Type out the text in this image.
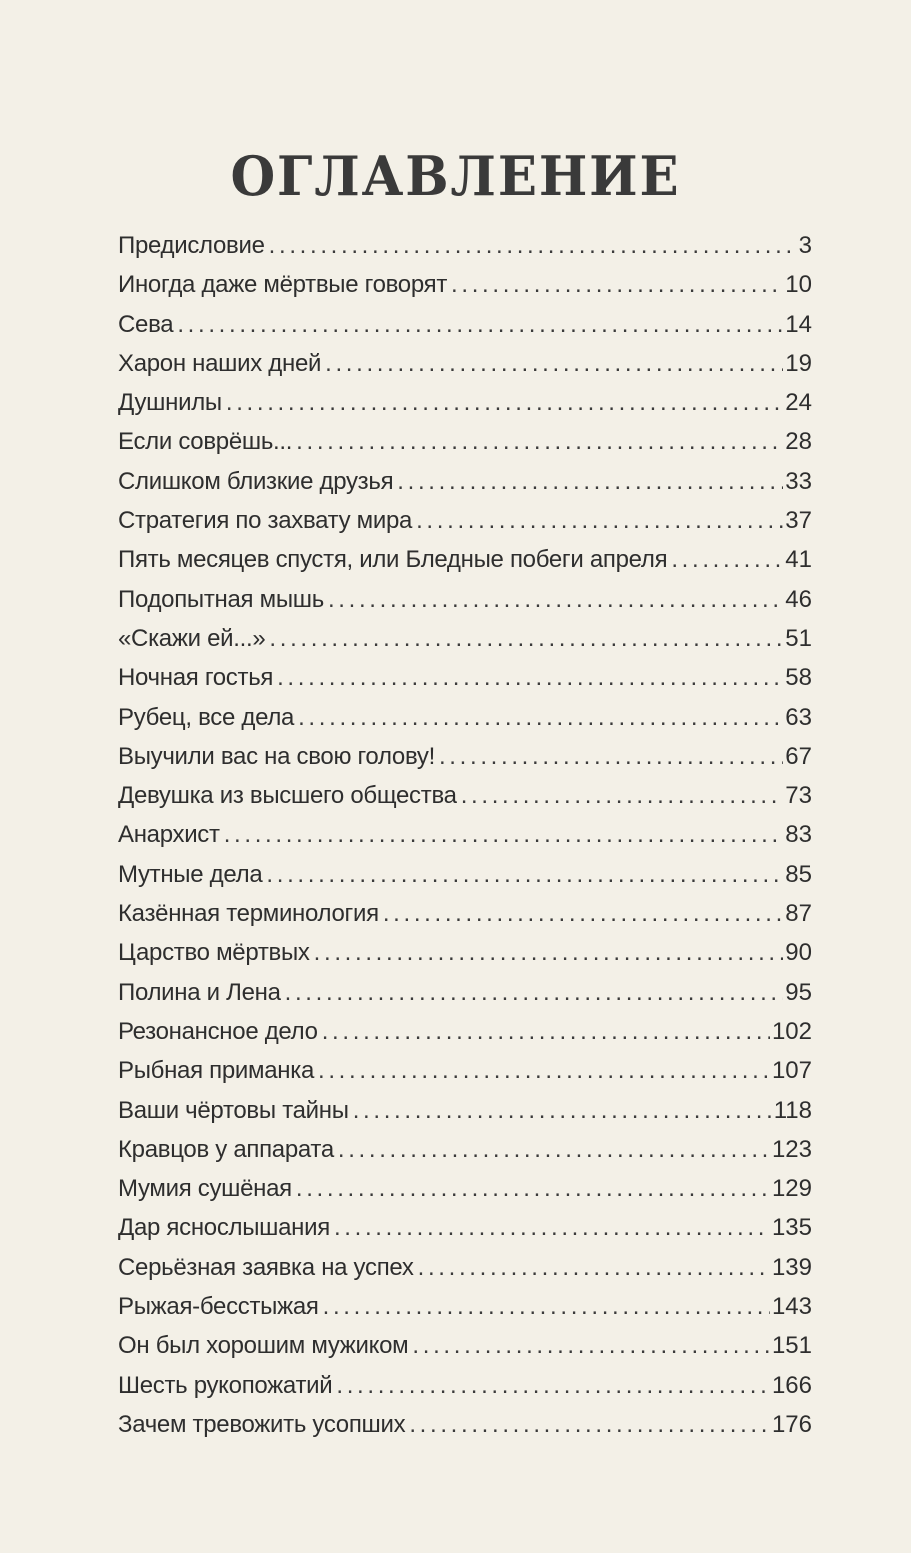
ОГЛАВЛЕНИЕ
Предисловие . . .	3
Иногда даже мёртвые говорят . . .	10
Сева . . .	14
Харон наших дней . . .	19
Душнилы . . .	24
Если соврёшь... . . .	28
Слишком близкие друзья . . .	33
Стратегия по захвату мира . . .	37
Пять месяцев спустя, или Бледные побеги апреля . . .	41
Подопытная мышь . . .	46
«Скажи ей...» . . .	51
Ночная гостья . . .	58
Рубец, все дела . . .	63
Выучили вас на свою голову! . . .	67
Девушка из высшего общества . . .	73
Анархист . . .	83
Мутные дела . . .	85
Казённая терминология . . .	87
Царство мёртвых . . .	90
Полина и Лена . . .	95
Резонансное дело . . .	102
Рыбная приманка . . .	107
Ваши чёртовы тайны . . .	118
Кравцов у аппарата . . .	123
Мумия сушёная . . .	129
Дар яснослышания . . .	135
Серьёзная заявка на успех . . .	139
Рыжая-бесстыжая . . .	143
Он был хорошим мужиком . . .	151
Шесть рукопожатий . . .	166
Зачем тревожить усопших . . .	176
